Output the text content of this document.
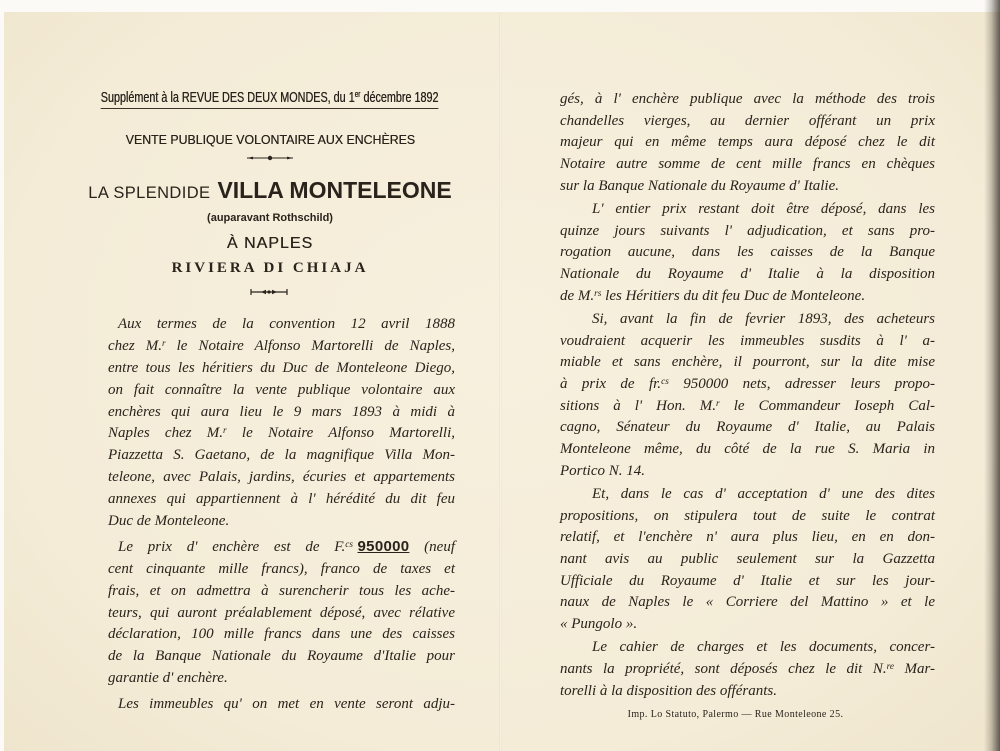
Supplément à la REVUE DES DEUX MONDES, du 1er décembre 1892
VENTE PUBLIQUE VOLONTAIRE AUX ENCHÈRES
LA SPLENDIDE VILLA MONTELEONE
(auparavant Rothschild)
À NAPLES
RIVIERA DI CHIAJA
Aux termes de la convention 12 avril 1888
chez M.$^r$ le Notaire Alfonso Martorelli de Naples,
entre tous les héritiers du Duc de Monteleone Diego,
on fait connaître la vente publique volontaire aux
enchères qui aura lieu le 9 mars 1893 à midi à
Naples chez M.$^r$ le Notaire Alfonso Martorelli,
Piazzetta S. Gaetano, de la magnifique Villa Mon-
teleone, avec Palais, jardins, écuries et appartements
annexes qui appartiennent à l' hérédité du dit feu
Duc de Monteleone.
Le prix d' enchère est de F.$^{cs}$ 950000 (neuf
cent cinquante mille francs), franco de taxes et
frais, et on admettra à surencherir tous les ache-
teurs, qui auront préalablement déposé, avec rélative
déclaration, 100 mille francs dans une des caisses
de la Banque Nationale du Royaume d'Italie pour
garantie d' enchère.
Les immeubles qu' on met en vente seront adju-
gés, à l' enchère publique avec la méthode des trois
chandelles vierges, au dernier offérant un prix
majeur qui en même temps aura déposé chez le dit
Notaire autre somme de cent mille francs en chèques
sur la Banque Nationale du Royaume d' Italie.
L' entier prix restant doit être déposé, dans les
quinze jours suivants l' adjudication, et sans pro-
rogation aucune, dans les caisses de la Banque
Nationale du Royaume d' Italie à la disposition
de M.$^{rs}$ les Héritiers du dit feu Duc de Monteleone.
Si, avant la fin de fevrier 1893, des acheteurs
voudraient acquerir les immeubles susdits à l' a-
miable et sans enchère, il pourront, sur la dite mise
à prix de fr.$^{cs}$ 950000 nets, adresser leurs propo-
sitions à l' Hon. M.$^r$ le Commandeur Ioseph Cal-
cagno, Sénateur du Royaume d' Italie, au Palais
Monteleone même, du côté de la rue S. Maria in
Portico N. 14.
Et, dans le cas d' acceptation d' une des dites
propositions, on stipulera tout de suite le contrat
relatif, et l'enchère n' aura plus lieu, en en don-
nant avis au public seulement sur la Gazzetta
Ufficiale du Royaume d' Italie et sur les jour-
naux de Naples le « Corriere del Mattino » et le
« Pungolo ».
Le cahier de charges et les documents, concer-
nants la propriété, sont déposés chez le dit N.$^{re}$ Mar-
torelli à la disposition des offérants.
Imp. Lo Statuto, Palermo — Rue Monteleone 25.
